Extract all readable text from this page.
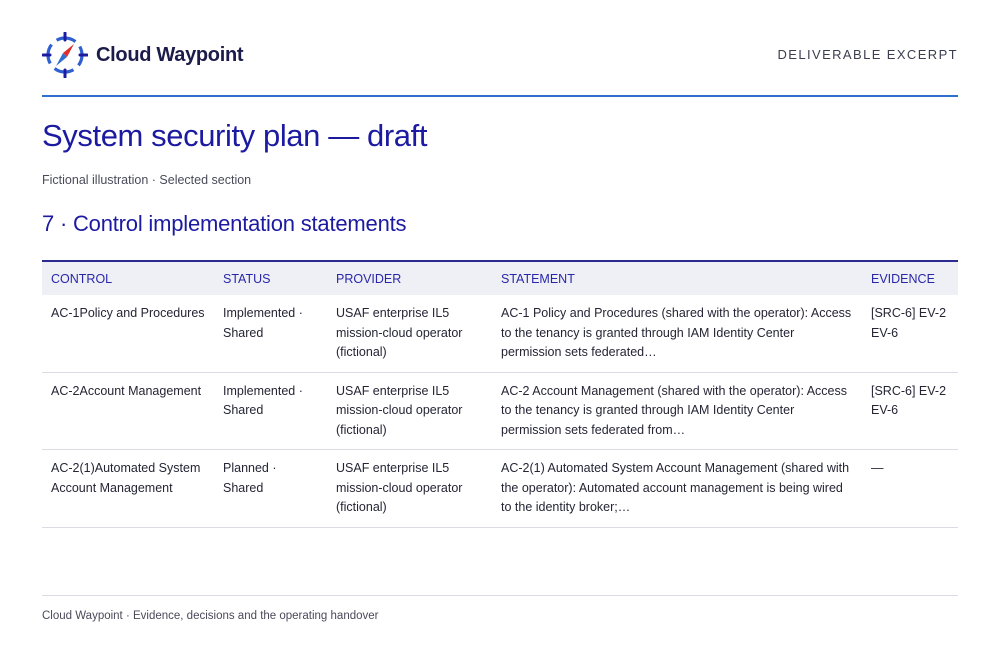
Cloud Waypoint	DELIVERABLE EXCERPT
System security plan — draft
Fictional illustration · Selected section
7 · Control implementation statements
CONTROL	STATUS	PROVIDER	STATEMENT	EVIDENCE
AC-1Policy and Procedures	Implemented · Shared	USAF enterprise IL5 mission-cloud operator (fictional)	AC-1 Policy and Procedures (shared with the operator): Access to the tenancy is granted through IAM Identity Center permission sets federated…	[SRC-6] EV-2 EV-6
AC-2Account Management	Implemented · Shared	USAF enterprise IL5 mission-cloud operator (fictional)	AC-2 Account Management (shared with the operator): Access to the tenancy is granted through IAM Identity Center permission sets federated from…	[SRC-6] EV-2 EV-6
AC-2(1)Automated System Account Management	Planned · Shared	USAF enterprise IL5 mission-cloud operator (fictional)	AC-2(1) Automated System Account Management (shared with the operator): Automated account management is being wired to the identity broker;…	—
Cloud Waypoint · Evidence, decisions and the operating handover
